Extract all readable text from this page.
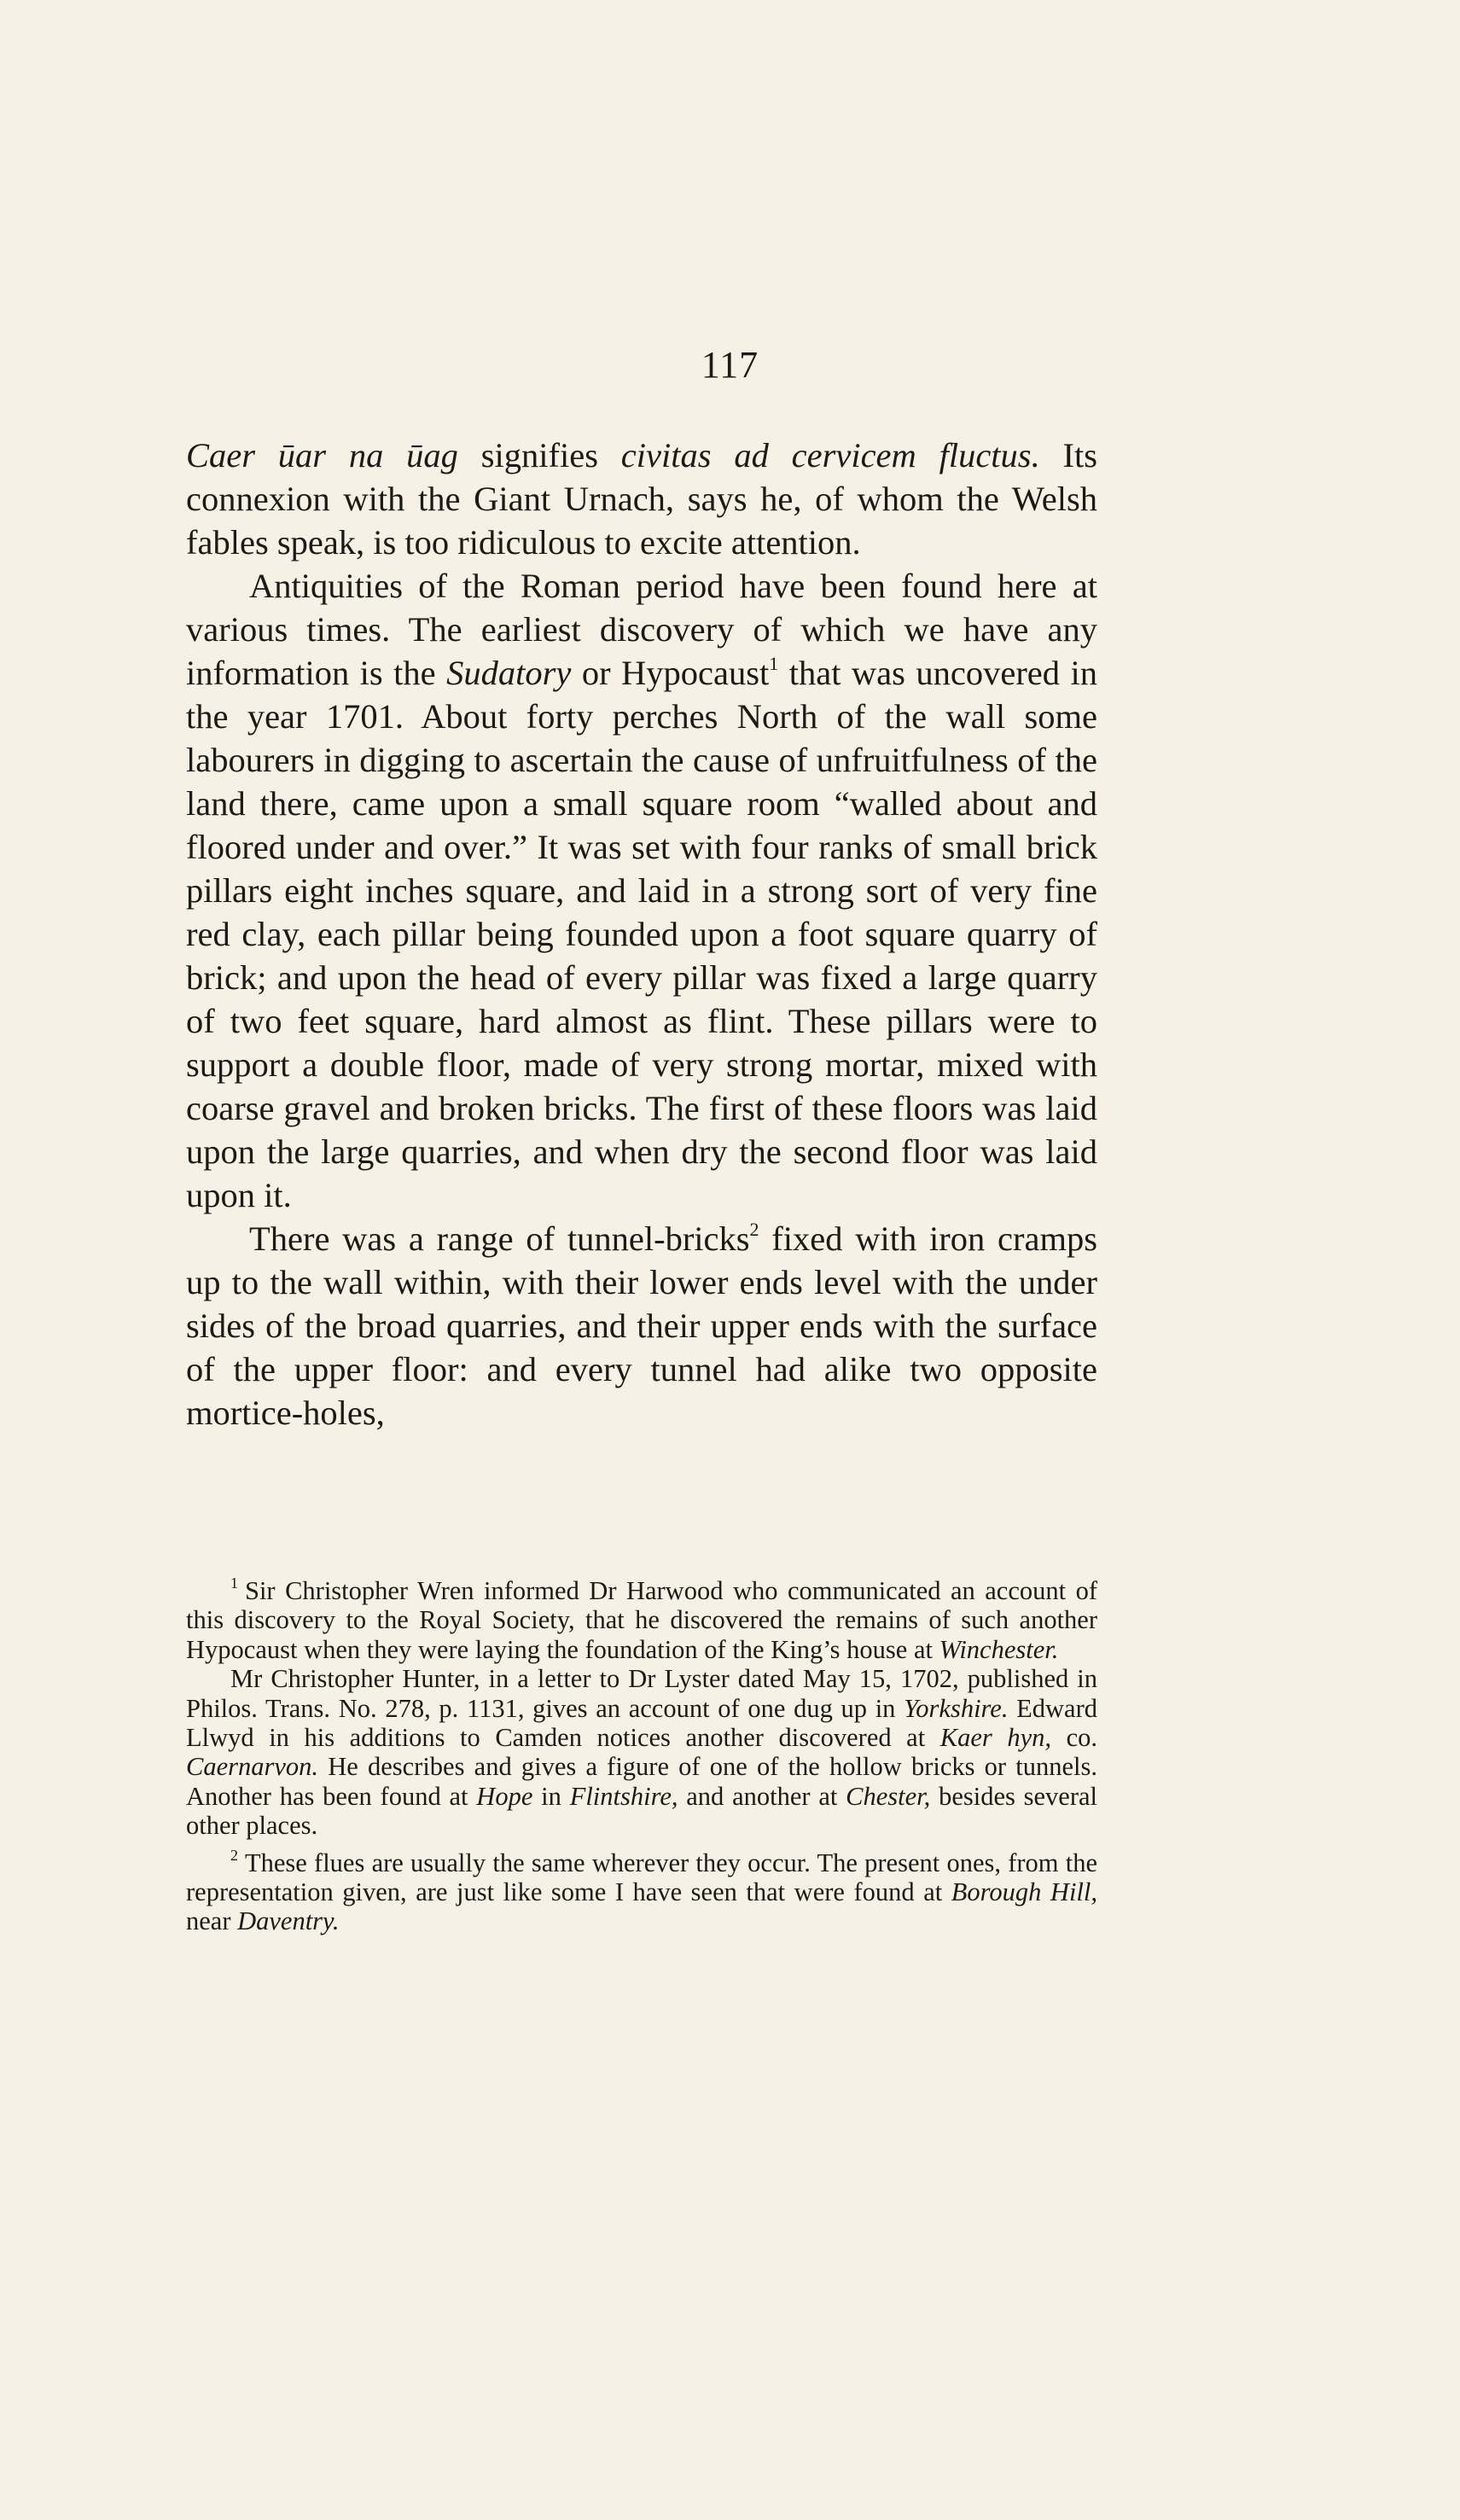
117

Caer ūar na ūag signifies civitas ad cervicem fluctus. Its connexion with the Giant Urnach, says he, of whom the Welsh fables speak, is too ridiculous to excite attention.

Antiquities of the Roman period have been found here at various times. The earliest discovery of which we have any information is the Sudatory or Hypocaust$^1$ that was uncovered in the year 1701. About forty perches North of the wall some labourers in digging to ascertain the cause of unfruitfulness of the land there, came upon a small square room “walled about and floored under and over.” It was set with four ranks of small brick pillars eight inches square, and laid in a strong sort of very fine red clay, each pillar being founded upon a foot square quarry of brick; and upon the head of every pillar was fixed a large quarry of two feet square, hard almost as flint. These pillars were to support a double floor, made of very strong mortar, mixed with coarse gravel and broken bricks. The first of these floors was laid upon the large quarries, and when dry the second floor was laid upon it.

There was a range of tunnel-bricks$^2$ fixed with iron cramps up to the wall within, with their lower ends level with the under sides of the broad quarries, and their upper ends with the surface of the upper floor: and every tunnel had alike two opposite mortice-holes,

$^1$ Sir Christopher Wren informed Dr Harwood who communicated an account of this discovery to the Royal Society, that he discovered the remains of such another Hypocaust when they were laying the foundation of the King’s house at Winchester.

Mr Christopher Hunter, in a letter to Dr Lyster dated May 15, 1702, published in Philos. Trans. No. 278, p. 1131, gives an account of one dug up in Yorkshire. Edward Llwyd in his additions to Camden notices another discovered at Kaer hyn, co. Caernarvon. He describes and gives a figure of one of the hollow bricks or tunnels. Another has been found at Hope in Flintshire, and another at Chester, besides several other places.

$^2$ These flues are usually the same wherever they occur. The present ones, from the representation given, are just like some I have seen that were found at Borough Hill, near Daventry.
